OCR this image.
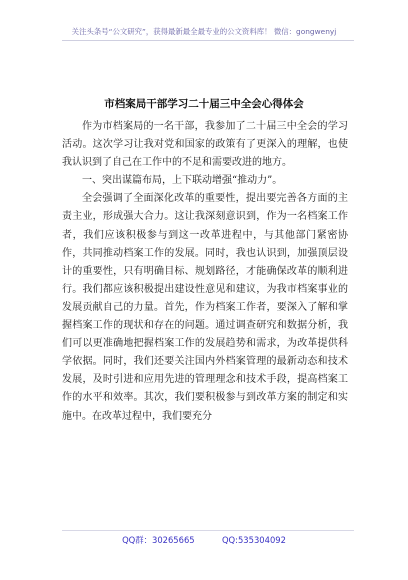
关注头条号“公文研究”，获得最新最全最专业的公文资料库！ 微信：gongwenyj
市档案局干部学习二十届三中全会心得体会

作为市档案局的一名干部，我参加了二十届三中全会的学习活动。这次学习让我对党和国家的政策有了更深入的理解，也使我认识到了自己在工作中的不足和需要改进的地方。

一、突出谋篇布局，上下联动增强“推动力”。

全会强调了全面深化改革的重要性，提出要完善各方面的主责主业，形成强大合力。这让我深刻意识到，作为一名档案工作者，我们应该积极参与到这一改革进程中，与其他部门紧密协作，共同推动档案工作的发展。同时，我也认识到，加强顶层设计的重要性，只有明确目标、规划路径，才能确保改革的顺利进行。我们都应该积极提出建设性意见和建议，为我市档案事业的发展贡献自己的力量。首先，作为档案工作者，要深入了解和掌握档案工作的现状和存在的问题。通过调查研究和数据分析，我们可以更准确地把握档案工作的发展趋势和需求，为改革提供科学依据。同时，我们还要关注国内外档案管理的最新动态和技术发展，及时引进和应用先进的管理理念和技术手段，提高档案工作的水平和效率。其次，我们要积极参与到改革方案的制定和实施中。在改革过程中，我们要充分

QQ群：30265665	QQ:535304092
